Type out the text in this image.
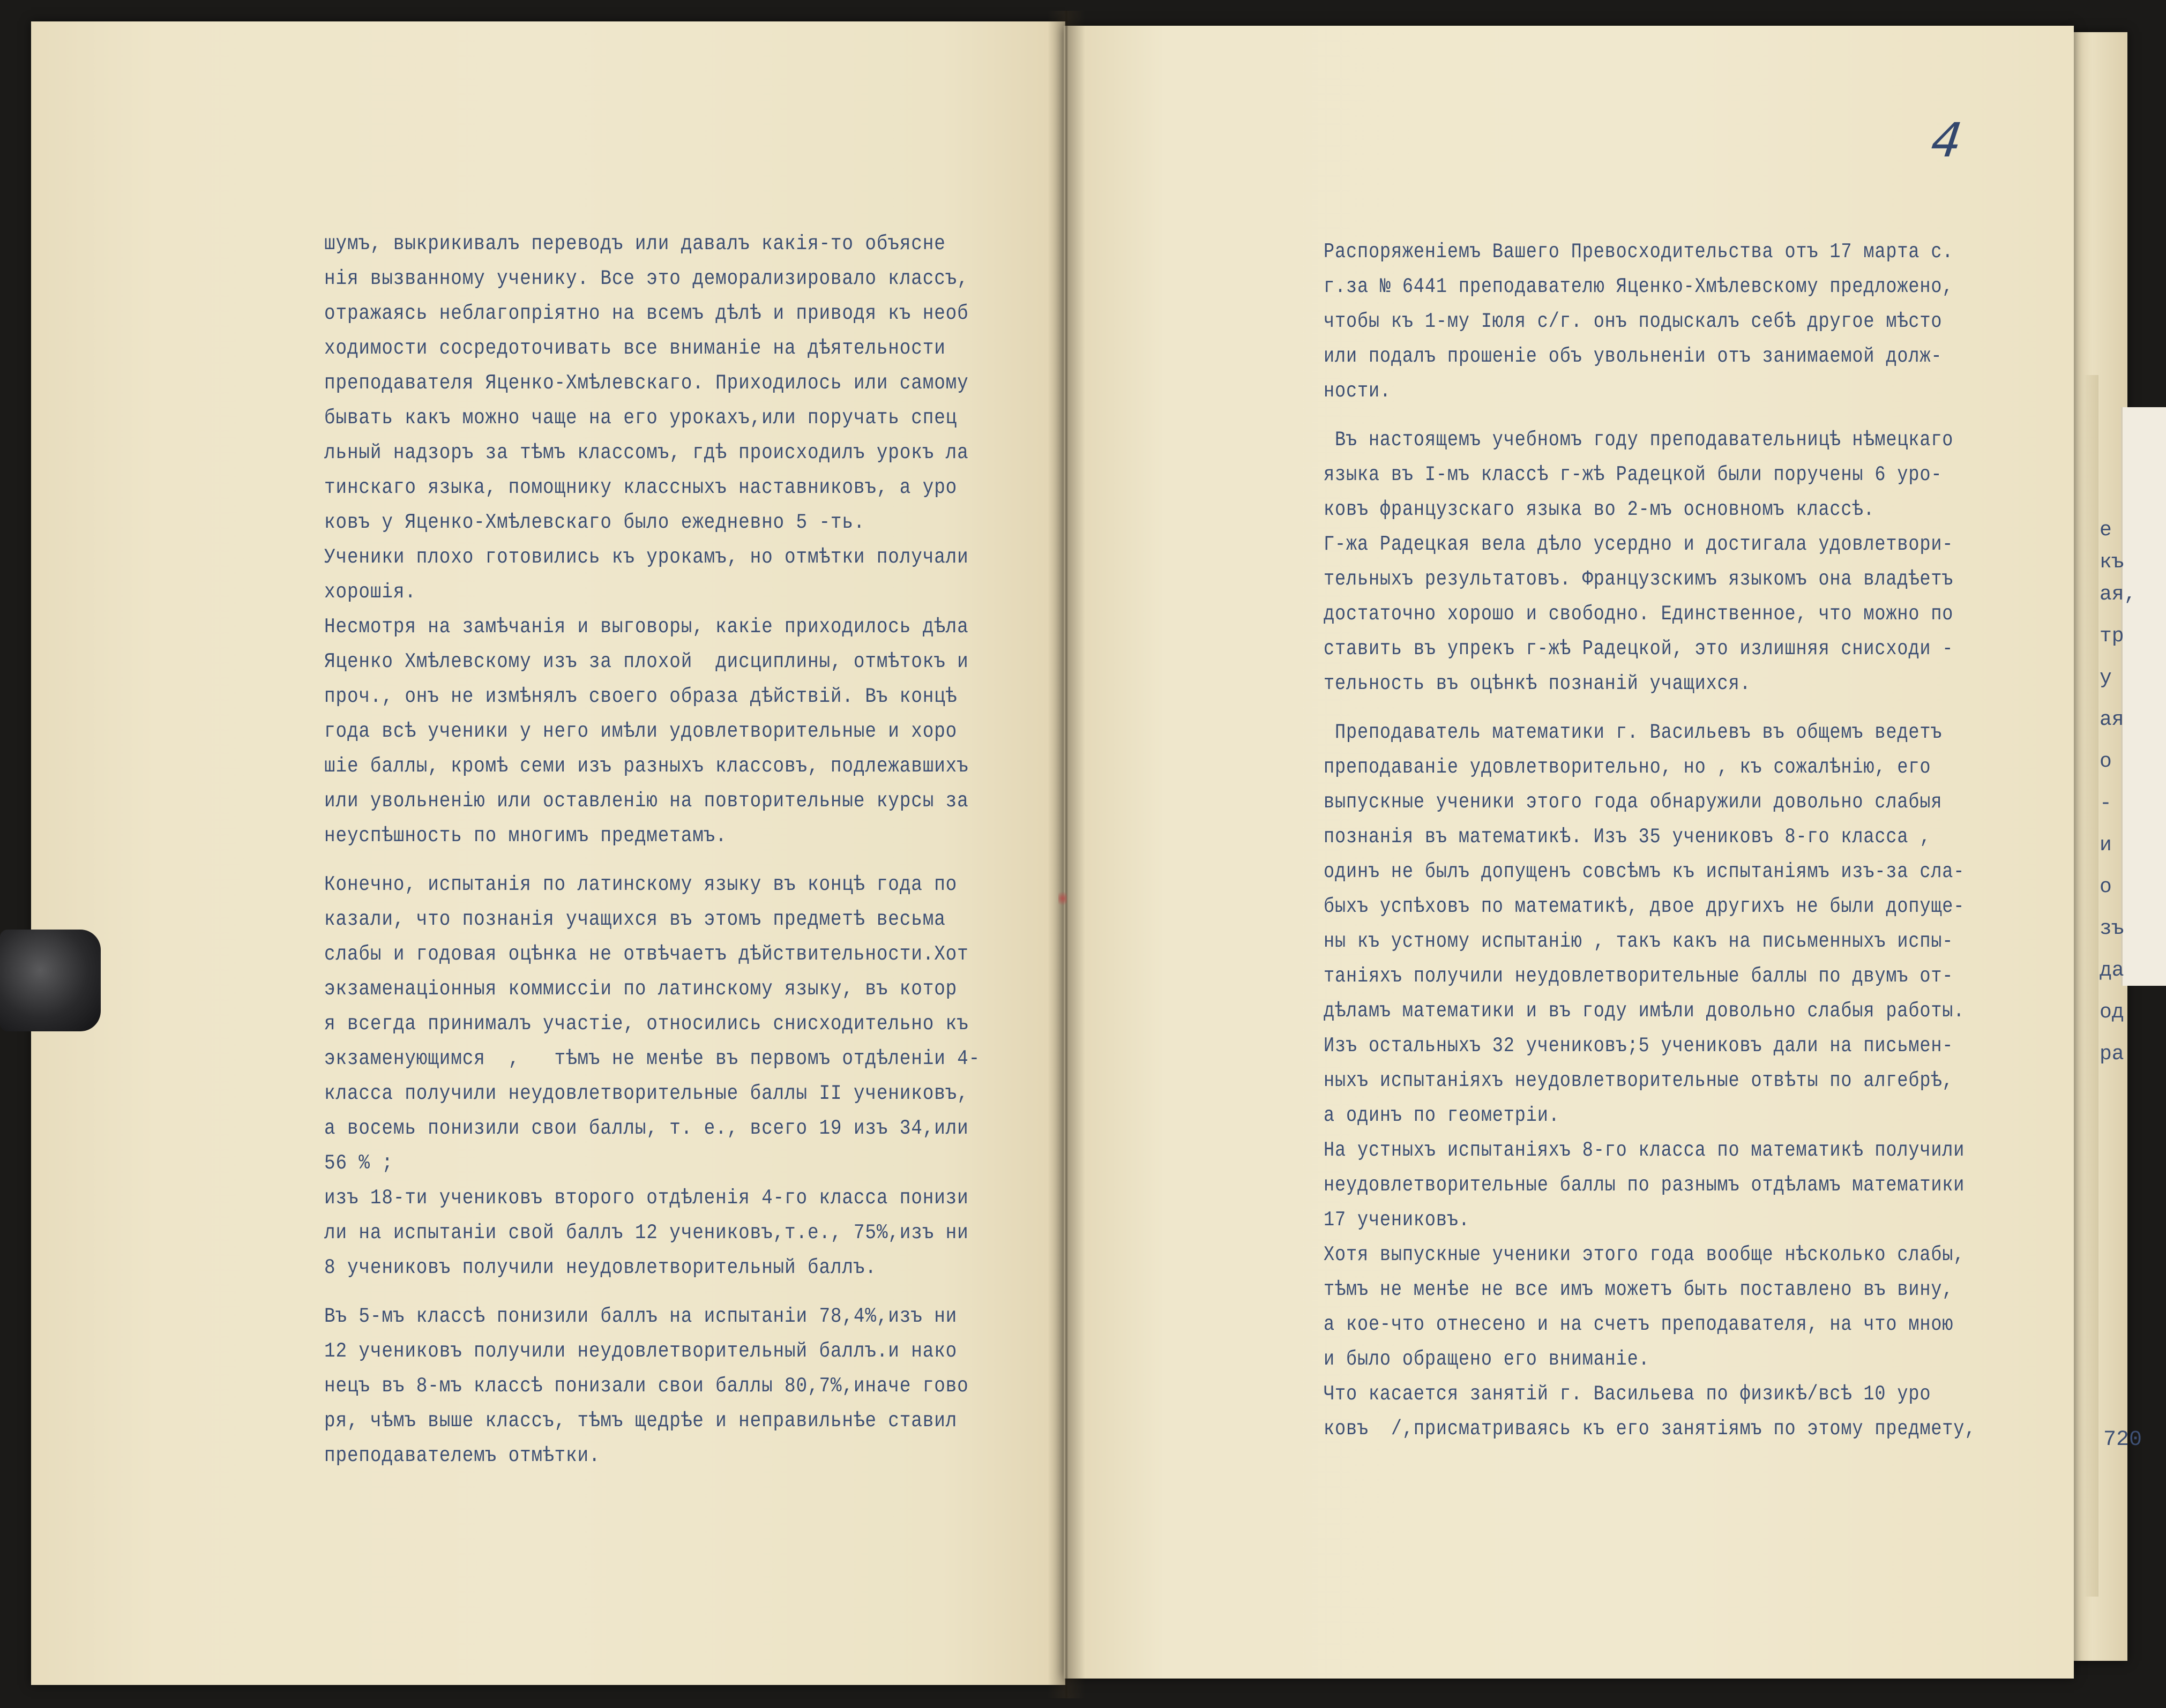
4
шумъ, выкрикивалъ переводъ или давалъ какія-то объясне
нія вызванному ученику. Все это деморализировало классъ,
отражаясь неблагопріятно на всемъ дѣлѣ и приводя къ необ
ходимости сосредоточивать все вниманіе на дѣятельности
преподавателя Яценко-Хмѣлевскаго. Приходилось или самому
бывать какъ можно чаще на его урокахъ,или поручать спец
льный надзоръ за тѣмъ классомъ, гдѣ происходилъ урокъ ла
тинскаго языка, помощнику классныхъ наставниковъ, а уро
ковъ у Яценко-Хмѣлевскаго было ежедневно 5 -ть.
Ученики плохо готовились къ урокамъ, но отмѣтки получали
хорошія.
Несмотря на замѣчанія и выговоры, какіе приходилось дѣла
Яценко Хмѣлевскому изъ за плохой  дисциплины, отмѣтокъ и
проч., онъ не измѣнялъ своего образа дѣйствій. Въ концѣ
года всѣ ученики у него имѣли удовлетворительные и хоро
шіе баллы, кромѣ семи изъ разныхъ классовъ, подлежавшихъ
или увольненію или оставленію на повторительные курсы за
неуспѣшность по многимъ предметамъ.
Конечно, испытанія по латинскому языку въ концѣ года по
казали, что познанія учащихся въ этомъ предметѣ весьма
слабы и годовая оцѣнка не отвѣчаетъ дѣйствительности.Хот
экзаменаціонныя коммиссіи по латинскому языку, въ котор
я всегда принималъ участіе, относились снисходительно къ
экзаменующимся  ,   тѣмъ не менѣе въ первомъ отдѣленіи 4-
класса получили неудовлетворительные баллы II учениковъ,
а восемь понизили свои баллы, т. е., всего 19 изъ 34,или
56 % ;
изъ 18-ти учениковъ второго отдѣленія 4-го класса понизи
ли на испытаніи свой баллъ 12 учениковъ,т.е., 75%,изъ ни
8 учениковъ получили неудовлетворительный баллъ.
Въ 5-мъ классѣ понизили баллъ на испытаніи 78,4%,изъ ни
12 учениковъ получили неудовлетворительный баллъ.и нако
нецъ въ 8-мъ классѣ понизали свои баллы 80,7%,иначе гово
ря, чѣмъ выше классъ, тѣмъ щедрѣе и неправильнѣе ставил
преподавателемъ отмѣтки.
Распоряженіемъ Вашего Превосходительства отъ 17 марта с.
г.за № 6441 преподавателю Яценко-Хмѣлевскому предложено,
чтобы къ 1-му Іюля с/г. онъ подыскалъ себѣ другое мѣсто
или подалъ прошеніе объ увольненіи отъ занимаемой долж-
ности.
Въ настоящемъ учебномъ году преподавательницѣ нѣмецкаго
языка въ I-мъ классѣ г-жѣ Радецкой были поручены 6 уро-
ковъ французскаго языка во 2-мъ основномъ классѣ.
Г-жа Радецкая вела дѣло усердно и достигала удовлетвори-
тельныхъ результатовъ. Французскимъ языкомъ она владѣетъ
достаточно хорошо и свободно. Единственное, что можно по
ставить въ упрекъ г-жѣ Радецкой, это излишняя снисходи -
тельность въ оцѣнкѣ познаній учащихся.
Преподаватель математики г. Васильевъ въ общемъ ведетъ
преподаваніе удовлетворительно, но , къ сожалѣнію, его
выпускные ученики этого года обнаружили довольно слабыя
познанія въ математикѣ. Изъ 35 учениковъ 8-го класса ,
одинъ не былъ допущенъ совсѣмъ къ испытаніямъ изъ-за сла-
быхъ успѣховъ по математикѣ, двое другихъ не были допуще-
ны къ устному испытанію , такъ какъ на письменныхъ испы-
таніяхъ получили неудовлетворительные баллы по двумъ от-
дѣламъ математики и въ году имѣли довольно слабыя работы.
Изъ остальныхъ 32 учениковъ;5 учениковъ дали на письмен-
ныхъ испытаніяхъ неудовлетворительные отвѣты по алгебрѣ,
а одинъ по геометріи.
На устныхъ испытаніяхъ 8-го класса по математикѣ получили
неудовлетворительные баллы по разнымъ отдѣламъ математики
17 учениковъ.
Хотя выпускные ученики этого года вообще нѣсколько слабы,
тѣмъ не менѣе не все имъ можетъ быть поставлено въ вину,
а кое-что отнесено и на счетъ преподавателя, на что мною
и было обращено его вниманіе.
Что касается занятій г. Васильева по физикѣ/всѣ 10 уро
ковъ  /,присматриваясь къ его занятіямъ по этому предмету,
е
къ
ая,
тр
у
ая
о
-
и
о
зъ
да
од
ра
720
